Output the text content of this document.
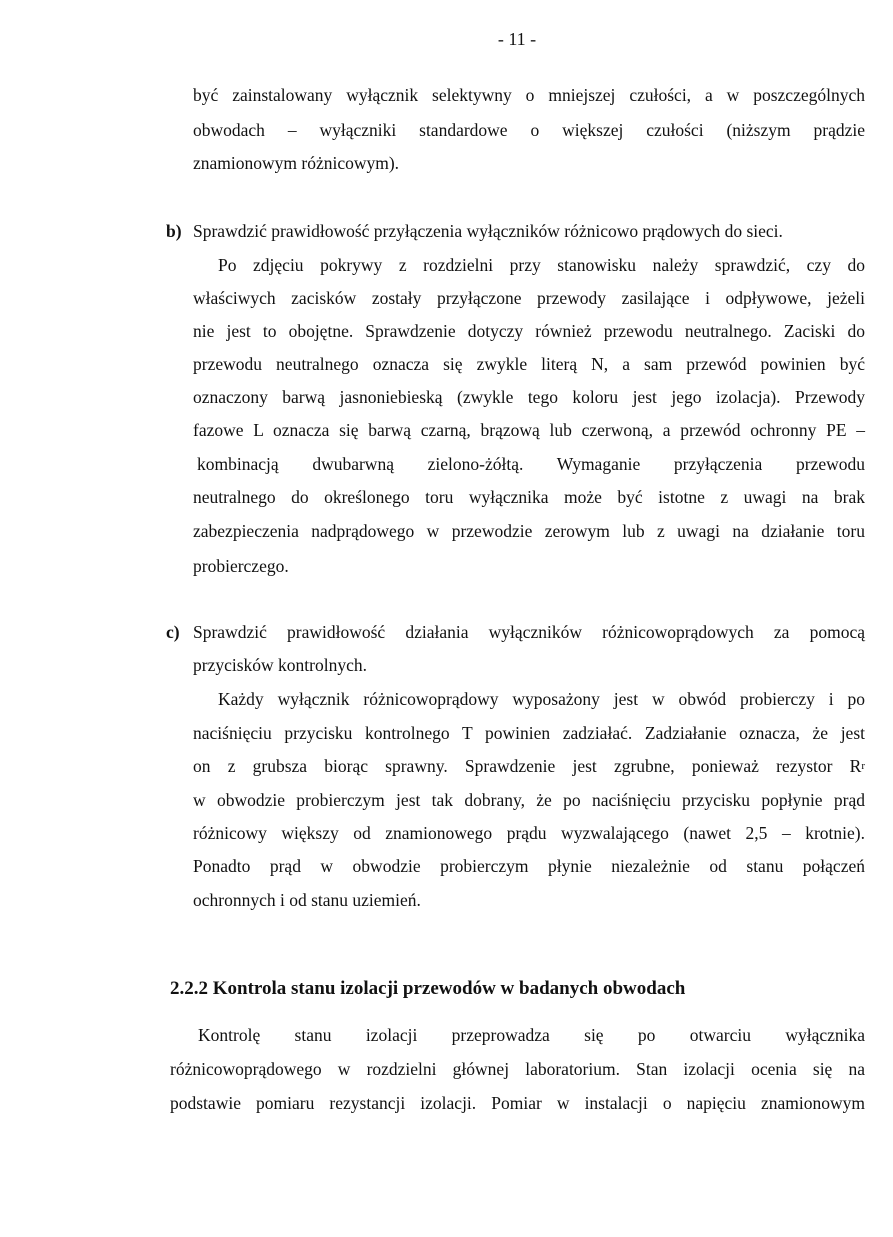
- 11 -
być zainstalowany wyłącznik selektywny o mniejszej czułości, a w poszczególnych
obwodach – wyłączniki standardowe o większej czułości (niższym prądzie
znamionowym różnicowym).
b) Sprawdzić prawidłowość przyłączenia wyłączników różnicowo prądowych do sieci.
Po zdjęciu pokrywy z rozdzielni przy stanowisku należy sprawdzić, czy do
właściwych zacisków zostały przyłączone przewody zasilające i odpływowe, jeżeli
nie jest to obojętne. Sprawdzenie dotyczy również przewodu neutralnego. Zaciski do
przewodu neutralnego oznacza się zwykle literą N, a sam przewód powinien być
oznaczony barwą jasnoniebieską (zwykle tego koloru jest jego izolacja). Przewody
fazowe L oznacza się barwą czarną, brązową lub czerwoną, a przewód ochronny PE –
kombinacją dwubarwną zielono-żółtą. Wymaganie przyłączenia przewodu
neutralnego do określonego toru wyłącznika może być istotne z uwagi na brak
zabezpieczenia nadprądowego w przewodzie zerowym lub z uwagi na działanie toru
probierczego.
c) Sprawdzić prawidłowość działania wyłączników różnicowoprądowych za pomocą
przycisków kontrolnych.
Każdy wyłącznik różnicowoprądowy wyposażony jest w obwód probierczy i po
naciśnięciu przycisku kontrolnego T powinien zadziałać. Zadziałanie oznacza, że jest
on z grubsza biorąc sprawny. Sprawdzenie jest zgrubne, ponieważ rezystor R r
w obwodzie probierczym jest tak dobrany, że po naciśnięciu przycisku popłynie prąd
różnicowy większy od znamionowego prądu wyzwalającego (nawet 2,5 – krotnie).
Ponadto prąd w obwodzie probierczym płynie niezależnie od stanu połączeń
ochronnych i od stanu uziemień.
2.2.2 Kontrola stanu izolacji przewodów w badanych obwodach
Kontrolę stanu izolacji przeprowadza się po otwarciu wyłącznika
różnicowoprądowego w rozdzielni głównej laboratorium. Stan izolacji ocenia się na
podstawie pomiaru rezystancji izolacji. Pomiar w instalacji o napięciu znamionowym
